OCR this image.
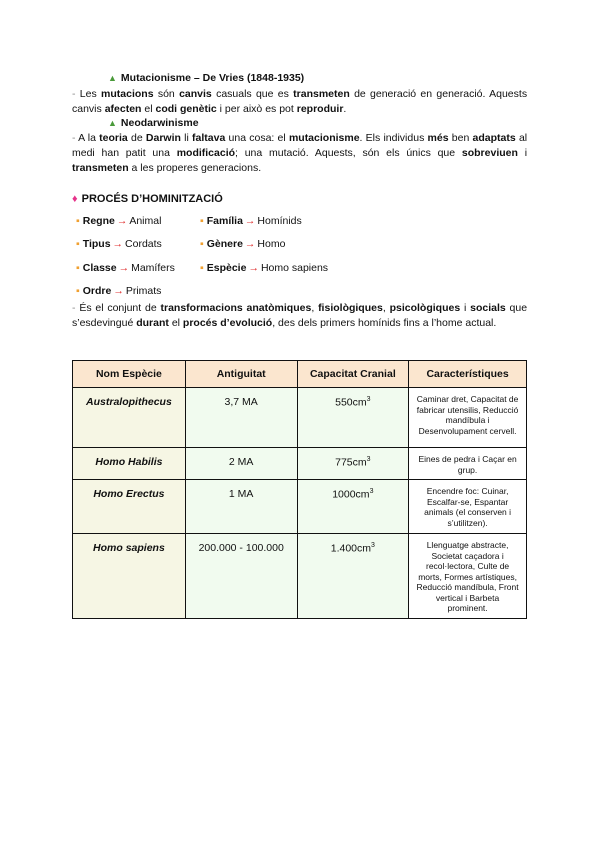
▲ Mutacionisme – De Vries (1848-1935)
- Les mutacions són canvis casuals que es transmeten de generació en generació. Aquests canvis afecten el codi genètic i per això es pot reproduir.
▲ Neodarwinisme
- A la teoria de Darwin li faltava una cosa: el mutacionisme. Els individus més ben adaptats al medi han patit una modificació; una mutació. Aquests, són els únics que sobreviuen i transmeten a les properes generacions.
♦ PROCÉS D’HOMINITZACIÓ
▪ Regne → Animal	▪ Família → Homínids
▪ Tipus → Cordats	▪ Gènere → Homo
▪ Classe → Mamífers ▪ Espècie → Homo sapiens
▪ Ordre → Primats
- És el conjunt de transformacions anatòmiques, fisiològiques, psicològiques i socials que s’esdevingué durant el procés d’evolució, des dels primers homínids fins a l’home actual.
Nom Espècie	Antiguitat	Capacitat Cranial	Característiques
Australopithecus	3,7 MA	$550cm^3$	Caminar dret, Capacitat de fabricar utensilis, Reducció mandíbula i Desenvolupament cervell.
Homo Habilis	2 MA	$775cm^3$	Eines de pedra i Caçar en grup.
Homo Erectus	1 MA	$1000cm^3$	Encendre foc: Cuinar, Escalfar-se, Espantar animals (el conserven i s’utilitzen).
Homo sapiens	200.000 - 100.000	$1.400cm^3$	Llenguatge abstracte, Societat caçadora i recol·lectora, Culte de morts, Formes artístiques, Reducció mandíbula, Front vertical i Barbeta prominent.
